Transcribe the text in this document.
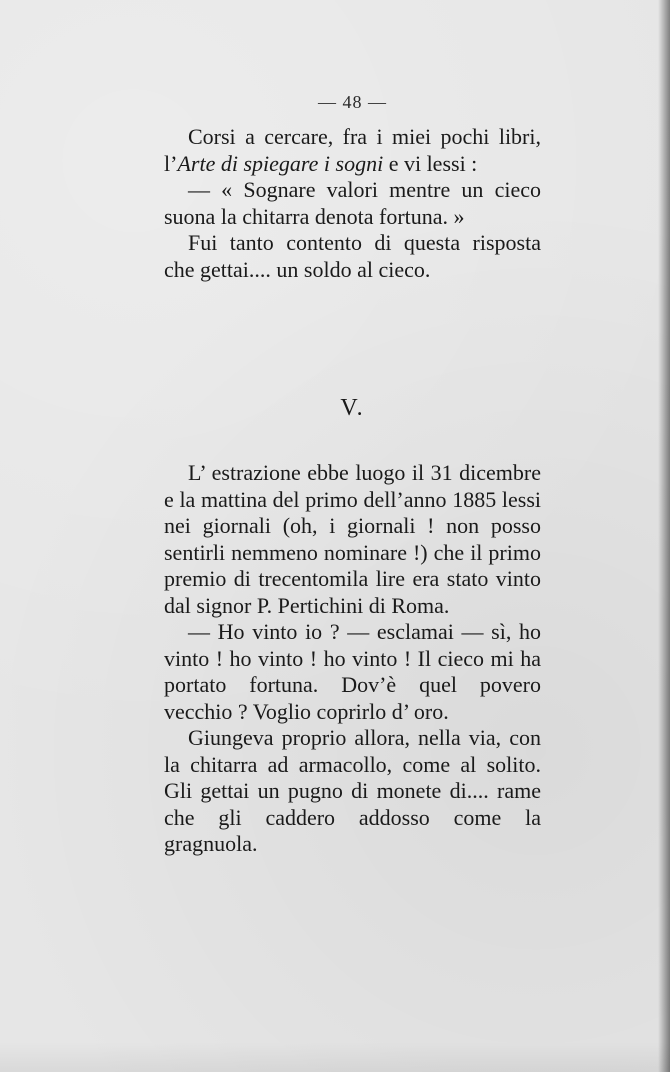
— 48 —

Corsi a cercare, fra i miei pochi libri, l’Arte di spiegare i sogni e vi lessi :

— « Sognare valori mentre un cieco suona la chitarra denota fortuna. »

Fui tanto contento di questa risposta che gettai.... un soldo al cieco.

V.

L’ estrazione ebbe luogo il 31 dicembre e la mattina del primo dell’anno 1885 lessi nei giornali (oh, i giornali ! non posso sentirli nemmeno nominare !) che il primo premio di trecentomila lire era stato vinto dal signor P. Pertichini di Roma.

— Ho vinto io ? — esclamai — sì, ho vinto ! ho vinto ! ho vinto ! Il cieco mi ha portato fortuna. Dov’è quel povero vecchio ? Voglio coprirlo d’ oro.

Giungeva proprio allora, nella via, con la chitarra ad armacollo, come al solito. Gli gettai un pugno di monete di.... rame che gli caddero addosso come la gragnuola.
